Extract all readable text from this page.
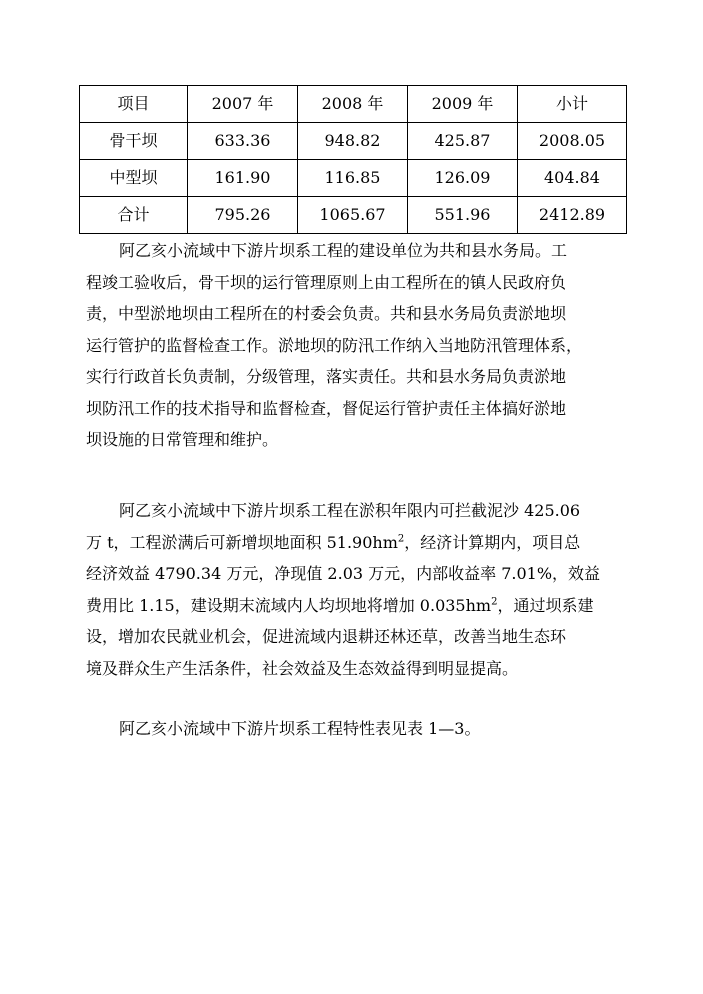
项目	2007 年	2008 年	2009 年	小计
骨干坝	633.36	948.82	425.87	2008.05
中型坝	161.90	116.85	126.09	404.84
合计	795.26	1065.67	551.96	2412.89
阿乙亥小流域中下游片坝系工程的建设单位为共和县水务局。工
程竣工验收后，骨干坝的运行管理原则上由工程所在的镇人民政府负
责，中型淤地坝由工程所在的村委会负责。共和县水务局负责淤地坝
运行管护的监督检查工作。淤地坝的防汛工作纳入当地防汛管理体系，
实行行政首长负责制，分级管理，落实责任。共和县水务局负责淤地
坝防汛工作的技术指导和监督检查，督促运行管护责任主体搞好淤地
坝设施的日常管理和维护。
阿乙亥小流域中下游片坝系工程在淤积年限内可拦截泥沙 425.06
万 t，工程淤满后可新增坝地面积 $51.90hm^2$，经济计算期内，项目总
经济效益 4790.34 万元，净现值 2.03 万元，内部收益率 7.01%，效益
费用比 1.15，建设期末流域内人均坝地将增加 $0.035hm^2$，通过坝系建
设，增加农民就业机会，促进流域内退耕还林还草，改善当地生态环
境及群众生产生活条件，社会效益及生态效益得到明显提高。
阿乙亥小流域中下游片坝系工程特性表见表 1—3。
